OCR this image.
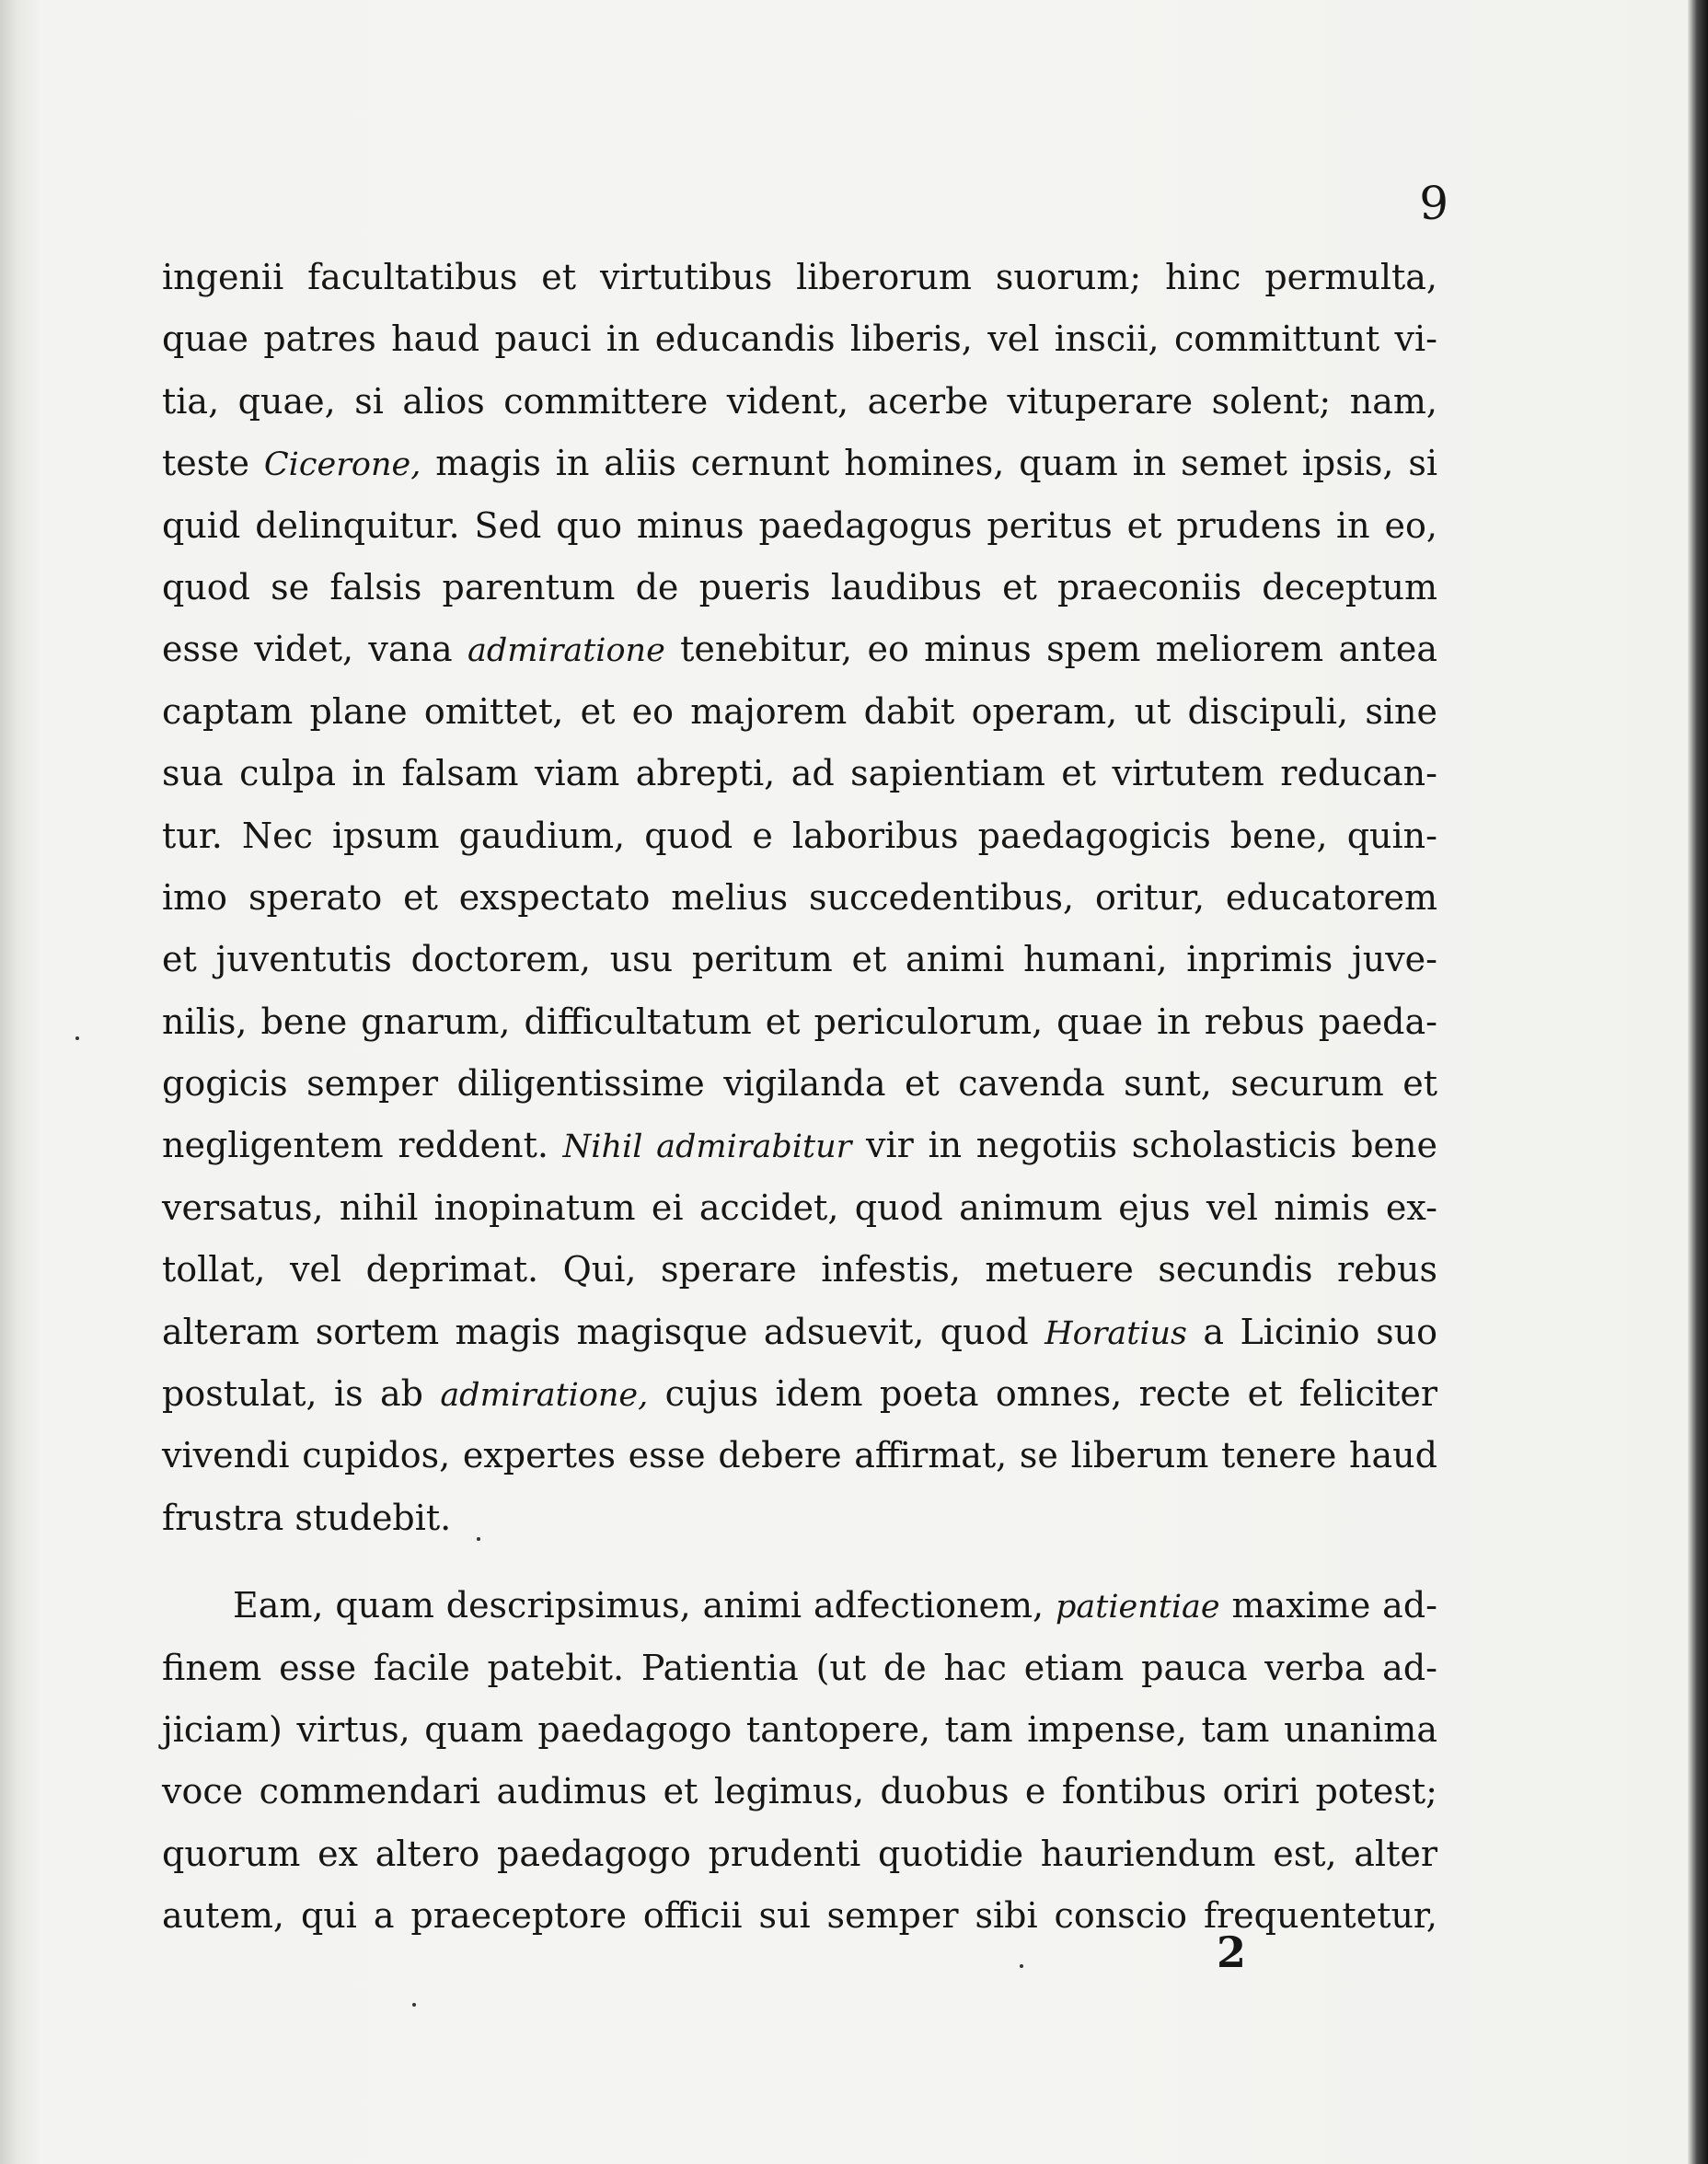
9
ingenii facultatibus et virtutibus liberorum suorum; hinc permulta,
quae patres haud pauci in educandis liberis, vel inscii, committunt vi-
tia, quae, si alios committere vident, acerbe vituperare solent; nam,
teste Cicerone, magis in aliis cernunt homines, quam in semet ipsis, si
quid delinquitur. Sed quo minus paedagogus peritus et prudens in eo,
quod se falsis parentum de pueris laudibus et praeconiis deceptum
esse videt, vana admiratione tenebitur, eo minus spem meliorem antea
captam plane omittet, et eo majorem dabit operam, ut discipuli, sine
sua culpa in falsam viam abrepti, ad sapientiam et virtutem reducan-
tur. Nec ipsum gaudium, quod e laboribus paedagogicis bene, quin-
imo sperato et exspectato melius succedentibus, oritur, educatorem
et juventutis doctorem, usu peritum et animi humani, inprimis juve-
nilis, bene gnarum, difficultatum et periculorum, quae in rebus paeda-
gogicis semper diligentissime vigilanda et cavenda sunt, securum et
negligentem reddent. Nihil admirabitur vir in negotiis scholasticis bene
versatus, nihil inopinatum ei accidet, quod animum ejus vel nimis ex-
tollat, vel deprimat. Qui, sperare infestis, metuere secundis rebus
alteram sortem magis magisque adsuevit, quod Horatius a Licinio suo
postulat, is ab admiratione, cujus idem poeta omnes, recte et feliciter
vivendi cupidos, expertes esse debere affirmat, se liberum tenere haud
frustra studebit.
Eam, quam descripsimus, animi adfectionem, patientiae maxime ad-
finem esse facile patebit. Patientia (ut de hac etiam pauca verba ad-
jiciam) virtus, quam paedagogo tantopere, tam impense, tam unanima
voce commendari audimus et legimus, duobus e fontibus oriri potest;
quorum ex altero paedagogo prudenti quotidie hauriendum est, alter
autem, qui a praeceptore officii sui semper sibi conscio frequentetur,
2
